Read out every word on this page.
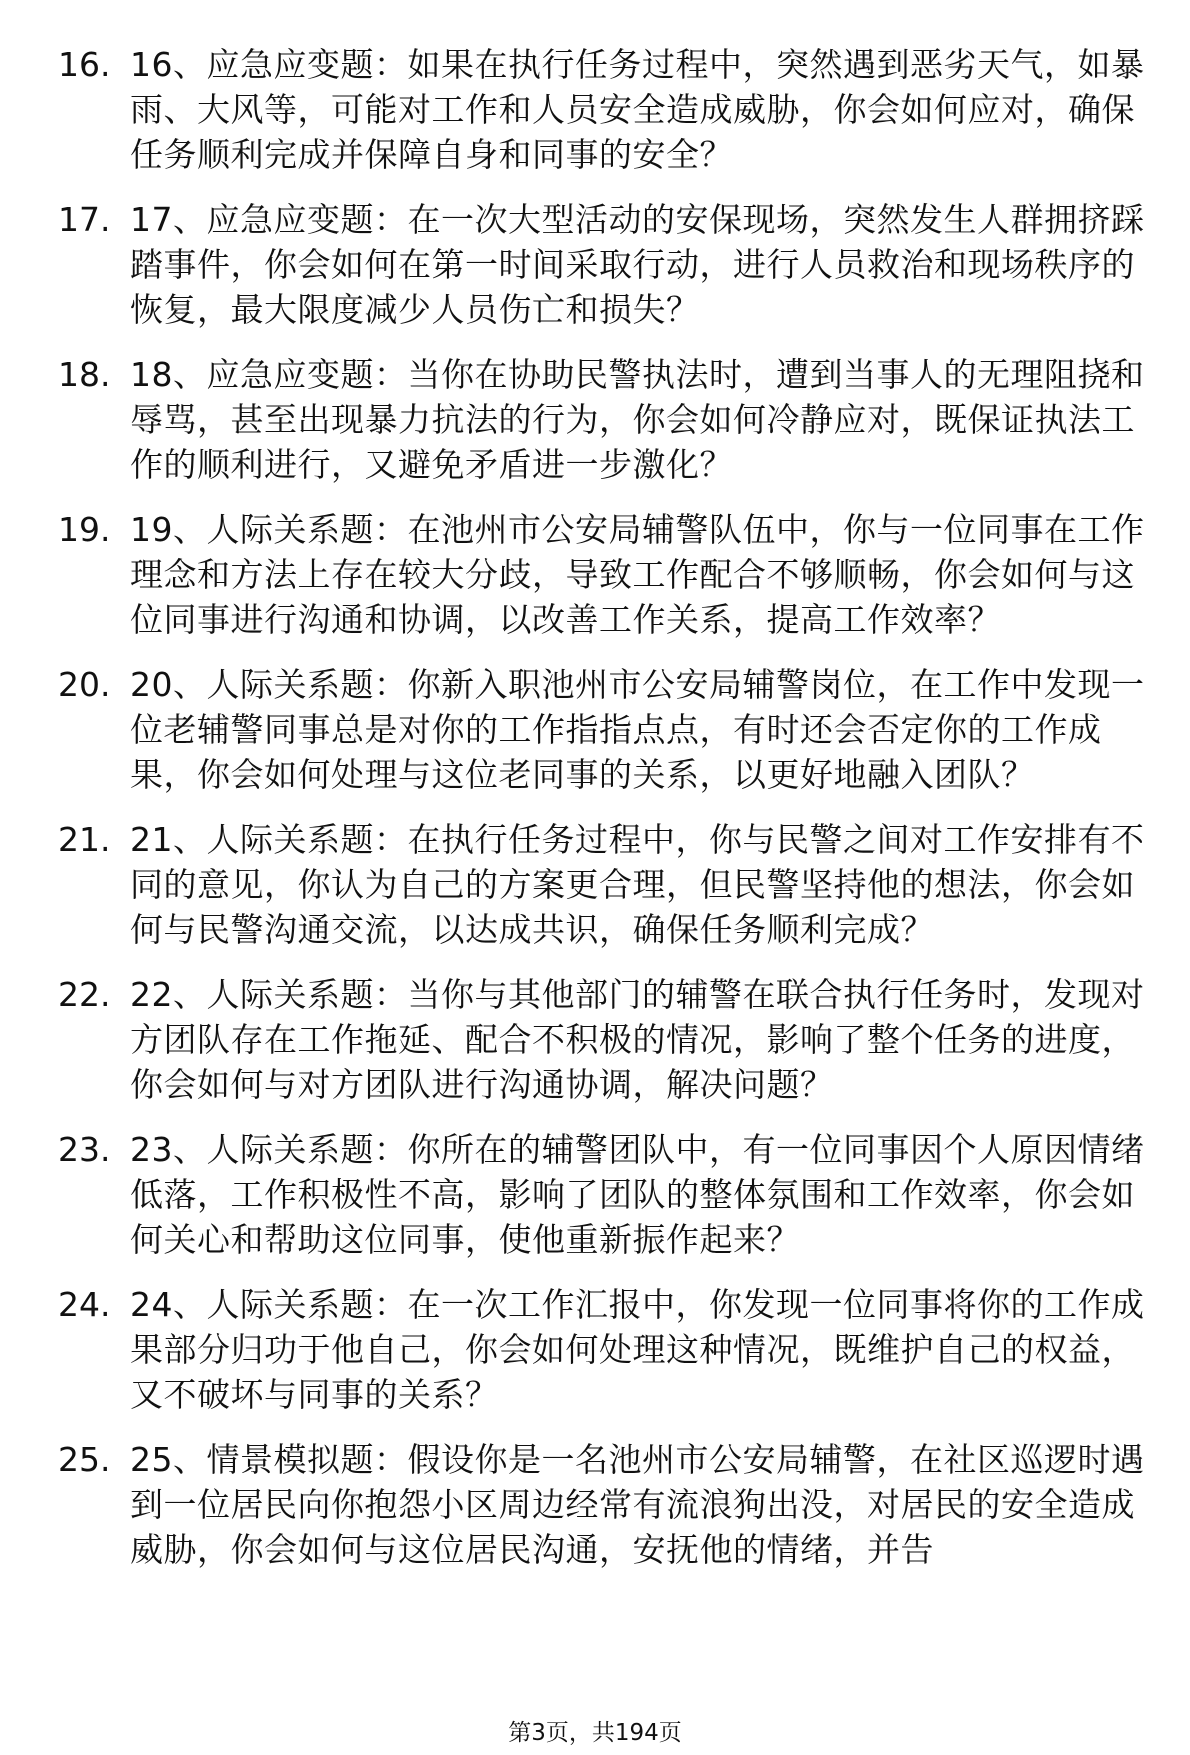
16. 16、应急应变题：如果在执行任务过程中，突然遇到恶劣天气，如暴雨、大风等，可能对工作和人员安全造成威胁，你会如何应对，确保任务顺利完成并保障自身和同事的安全？
17. 17、应急应变题：在一次大型活动的安保现场，突然发生人群拥挤踩踏事件，你会如何在第一时间采取行动，进行人员救治和现场秩序的恢复，最大限度减少人员伤亡和损失？
18. 18、应急应变题：当你在协助民警执法时，遭到当事人的无理阻挠和辱骂，甚至出现暴力抗法的行为，你会如何冷静应对，既保证执法工作的顺利进行，又避免矛盾进一步激化？
19. 19、人际关系题：在池州市公安局辅警队伍中，你与一位同事在工作理念和方法上存在较大分歧，导致工作配合不够顺畅，你会如何与这位同事进行沟通和协调，以改善工作关系，提高工作效率？
20. 20、人际关系题：你新入职池州市公安局辅警岗位，在工作中发现一位老辅警同事总是对你的工作指指点点，有时还会否定你的工作成果，你会如何处理与这位老同事的关系，以更好地融入团队？
21. 21、人际关系题：在执行任务过程中，你与民警之间对工作安排有不同的意见，你认为自己的方案更合理，但民警坚持他的想法，你会如何与民警沟通交流，以达成共识，确保任务顺利完成？
22. 22、人际关系题：当你与其他部门的辅警在联合执行任务时，发现对方团队存在工作拖延、配合不积极的情况，影响了整个任务的进度，你会如何与对方团队进行沟通协调，解决问题？
23. 23、人际关系题：你所在的辅警团队中，有一位同事因个人原因情绪低落，工作积极性不高，影响了团队的整体氛围和工作效率，你会如何关心和帮助这位同事，使他重新振作起来？
24. 24、人际关系题：在一次工作汇报中，你发现一位同事将你的工作成果部分归功于他自己，你会如何处理这种情况，既维护自己的权益，又不破坏与同事的关系？
25. 25、情景模拟题：假设你是一名池州市公安局辅警，在社区巡逻时遇到一位居民向你抱怨小区周边经常有流浪狗出没，对居民的安全造成威胁，你会如何与这位居民沟通，安抚他的情绪，并告
第3页，共194页
